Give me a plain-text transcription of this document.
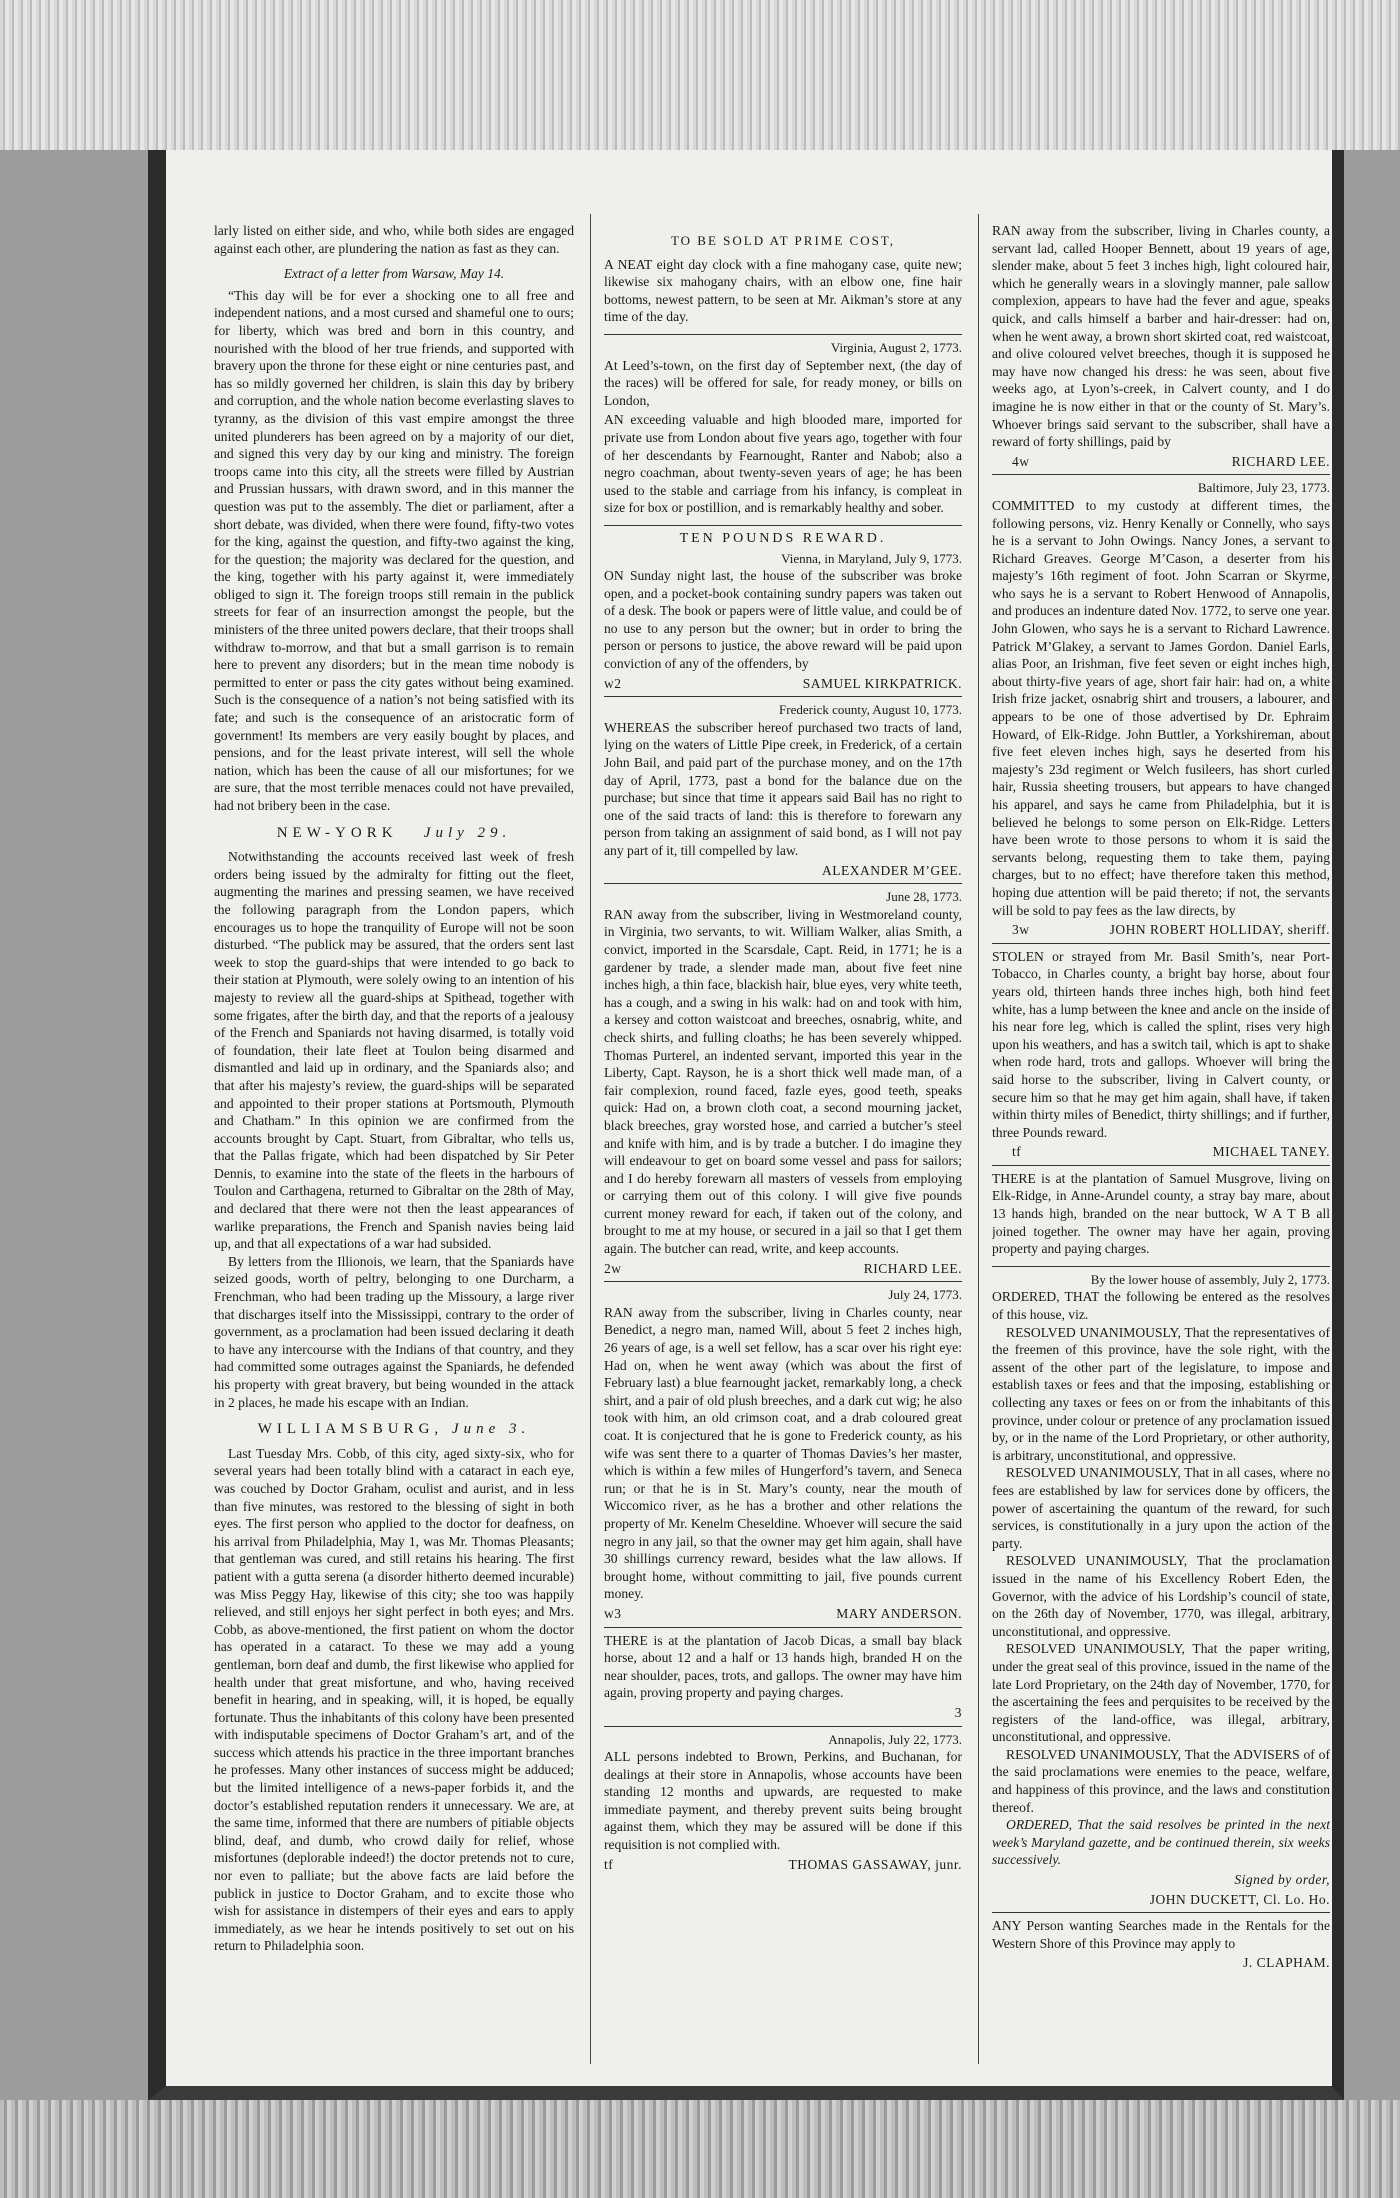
larly listed on either side, and who, while both sides are engaged against each other, are plundering the nation as fast as they can.

Extract of a letter from Warsaw, May 14.

“This day will be for ever a shocking one to all free and independent nations, and a most cursed and shameful one to ours; for liberty, which was bred and born in this country, and nourished with the blood of her true friends, and supported with bravery upon the throne for these eight or nine centuries past, and has so mildly governed her children, is slain this day by bribery and corruption, and the whole nation become everlasting slaves to tyranny, as the division of this vast empire amongst the three united plunderers has been agreed on by a majority of our diet, and signed this very day by our king and ministry. The foreign troops came into this city, all the streets were filled by Austrian and Prussian hussars, with drawn sword, and in this manner the question was put to the assembly. The diet or parliament, after a short debate, was divided, when there were found, fifty-two votes for the king, against the question, and fifty-two against the king, for the question; the majority was declared for the question, and the king, together with his party against it, were immediately obliged to sign it. The foreign troops still remain in the publick streets for fear of an insurrection amongst the people, but the ministers of the three united powers declare, that their troops shall withdraw to-morrow, and that but a small garrison is to remain here to prevent any disorders; but in the mean time nobody is permitted to enter or pass the city gates without being examined. Such is the consequence of a nation’s not being satisfied with its fate; and such is the consequence of an aristocratic form of government! Its members are very easily bought by places, and pensions, and for the least private interest, will sell the whole nation, which has been the cause of all our misfortunes; for we are sure, that the most terrible menaces could not have prevailed, had not bribery been in the case.

NEW-YORK July 29.

Notwithstanding the accounts received last week of fresh orders being issued by the admiralty for fitting out the fleet, augmenting the marines and pressing seamen, we have received the following paragraph from the London papers, which encourages us to hope the tranquility of Europe will not be soon disturbed. “The publick may be assured, that the orders sent last week to stop the guard-ships that were intended to go back to their station at Plymouth, were solely owing to an intention of his majesty to review all the guard-ships at Spithead, together with some frigates, after the birth day, and that the reports of a jealousy of the French and Spaniards not having disarmed, is totally void of foundation, their late fleet at Toulon being disarmed and dismantled and laid up in ordinary, and the Spaniards also; and that after his majesty’s review, the guard-ships will be separated and appointed to their proper stations at Portsmouth, Plymouth and Chatham.” In this opinion we are confirmed from the accounts brought by Capt. Stuart, from Gibraltar, who tells us, that the Pallas frigate, which had been dispatched by Sir Peter Dennis, to examine into the state of the fleets in the harbours of Toulon and Carthagena, returned to Gibraltar on the 28th of May, and declared that there were not then the least appearances of warlike preparations, the French and Spanish navies being laid up, and that all expectations of a war had subsided.

By letters from the Illionois, we learn, that the Spaniards have seized goods, worth of peltry, belonging to one Durcharm, a Frenchman, who had been trading up the Missoury, a large river that discharges itself into the Mississippi, contrary to the order of government, as a proclamation had been issued declaring it death to have any intercourse with the Indians of that country, and they had committed some outrages against the Spaniards, he defended his property with great bravery, but being wounded in the attack in 2 places, he made his escape with an Indian.

WILLIAMSBURG, June 3.

Last Tuesday Mrs. Cobb, of this city, aged sixty-six, who for several years had been totally blind with a cataract in each eye, was couched by Doctor Graham, oculist and aurist, and in less than five minutes, was restored to the blessing of sight in both eyes. The first person who applied to the doctor for deafness, on his arrival from Philadelphia, May 1, was Mr. Thomas Pleasants; that gentleman was cured, and still retains his hearing. The first patient with a gutta serena (a disorder hitherto deemed incurable) was Miss Peggy Hay, likewise of this city; she too was happily relieved, and still enjoys her sight perfect in both eyes; and Mrs. Cobb, as above-mentioned, the first patient on whom the doctor has operated in a cataract. To these we may add a young gentleman, born deaf and dumb, the first likewise who applied for health under that great misfortune, and who, having received benefit in hearing, and in speaking, will, it is hoped, be equally fortunate. Thus the inhabitants of this colony have been presented with indisputable specimens of Doctor Graham’s art, and of the success which attends his practice in the three important branches he professes. Many other instances of success might be adduced; but the limited intelligence of a news-paper forbids it, and the doctor’s established reputation renders it unnecessary. We are, at the same time, informed that there are numbers of pitiable objects blind, deaf, and dumb, who crowd daily for relief, whose misfortunes (deplorable indeed!) the doctor pretends not to cure, nor even to palliate; but the above facts are laid before the publick in justice to Doctor Graham, and to excite those who wish for assistance in distempers of their eyes and ears to apply immediately, as we hear he intends positively to set out on his return to Philadelphia soon.

TO BE SOLD AT PRIME COST,

A NEAT eight day clock with a fine mahogany case, quite new; likewise six mahogany chairs, with an elbow one, fine hair bottoms, newest pattern, to be seen at Mr. Aikman’s store at any time of the day.

Virginia, August 2, 1773.

At Leed’s-town, on the first day of September next, (the day of the races) will be offered for sale, for ready money, or bills on London,

AN exceeding valuable and high blooded mare, imported for private use from London about five years ago, together with four of her descendants by Fearnought, Ranter and Nabob; also a negro coachman, about twenty-seven years of age; he has been used to the stable and carriage from his infancy, is compleat in size for box or postillion, and is remarkably healthy and sober.

TEN POUNDS REWARD.
Vienna, in Maryland, July 9, 1773.

ON Sunday night last, the house of the subscriber was broke open, and a pocket-book containing sundry papers was taken out of a desk. The book or papers were of little value, and could be of no use to any person but the owner; but in order to bring the person or persons to justice, the above reward will be paid upon conviction of any of the offenders, by

w2	SAMUEL KIRKPATRICK.
Frederick county, August 10, 1773.

WHEREAS the subscriber hereof purchased two tracts of land, lying on the waters of Little Pipe creek, in Frederick, of a certain John Bail, and paid part of the purchase money, and on the 17th day of April, 1773, past a bond for the balance due on the purchase; but since that time it appears said Bail has no right to one of the said tracts of land: this is therefore to forewarn any person from taking an assignment of said bond, as I will not pay any part of it, till compelled by law.

ALEXANDER M’GEE.
June 28, 1773.

RAN away from the subscriber, living in Westmoreland county, in Virginia, two servants, to wit. William Walker, alias Smith, a convict, imported in the Scarsdale, Capt. Reid, in 1771; he is a gardener by trade, a slender made man, about five feet nine inches high, a thin face, blackish hair, blue eyes, very white teeth, has a cough, and a swing in his walk: had on and took with him, a kersey and cotton waistcoat and breeches, osnabrig, white, and check shirts, and fulling cloaths; he has been severely whipped. Thomas Purterel, an indented servant, imported this year in the Liberty, Capt. Rayson, he is a short thick well made man, of a fair complexion, round faced, fazle eyes, good teeth, speaks quick: Had on, a brown cloth coat, a second mourning jacket, black breeches, gray worsted hose, and carried a butcher’s steel and knife with him, and is by trade a butcher. I do imagine they will endeavour to get on board some vessel and pass for sailors; and I do hereby forewarn all masters of vessels from employing or carrying them out of this colony. I will give five pounds current money reward for each, if taken out of the colony, and brought to me at my house, or secured in a jail so that I get them again. The butcher can read, write, and keep accounts.

2w	RICHARD LEE.
July 24, 1773.

RAN away from the subscriber, living in Charles county, near Benedict, a negro man, named Will, about 5 feet 2 inches high, 26 years of age, is a well set fellow, has a scar over his right eye: Had on, when he went away (which was about the first of February last) a blue fearnought jacket, remarkably long, a check shirt, and a pair of old plush breeches, and a dark cut wig; he also took with him, an old crimson coat, and a drab coloured great coat. It is conjectured that he is gone to Frederick county, as his wife was sent there to a quarter of Thomas Davies’s her master, which is within a few miles of Hungerford’s tavern, and Seneca run; or that he is in St. Mary’s county, near the mouth of Wiccomico river, as he has a brother and other relations the property of Mr. Kenelm Cheseldine. Whoever will secure the said negro in any jail, so that the owner may get him again, shall have 30 shillings currency reward, besides what the law allows. If brought home, without committing to jail, five pounds current money.

w3	MARY ANDERSON.

THERE is at the plantation of Jacob Dicas, a small bay black horse, about 12 and a half or 13 hands high, branded H on the near shoulder, paces, trots, and gallops. The owner may have him again, proving property and paying charges.

3
Annapolis, July 22, 1773.

ALL persons indebted to Brown, Perkins, and Buchanan, for dealings at their store in Annapolis, whose accounts have been standing 12 months and upwards, are requested to make immediate payment, and thereby prevent suits being brought against them, which they may be assured will be done if this requisition is not complied with.

tf	THOMAS GASSAWAY, junr.

RAN away from the subscriber, living in Charles county, a servant lad, called Hooper Bennett, about 19 years of age, slender make, about 5 feet 3 inches high, light coloured hair, which he generally wears in a slovingly manner, pale sallow complexion, appears to have had the fever and ague, speaks quick, and calls himself a barber and hair-dresser: had on, when he went away, a brown short skirted coat, red waistcoat, and olive coloured velvet breeches, though it is supposed he may have now changed his dress: he was seen, about five weeks ago, at Lyon’s-creek, in Calvert county, and I do imagine he is now either in that or the county of St. Mary’s. Whoever brings said servant to the subscriber, shall have a reward of forty shillings, paid by

4w	RICHARD LEE.
Baltimore, July 23, 1773.

COMMITTED to my custody at different times, the following persons, viz. Henry Kenally or Connelly, who says he is a servant to John Owings. Nancy Jones, a servant to Richard Greaves. George M’Cason, a deserter from his majesty’s 16th regiment of foot. John Scarran or Skyrme, who says he is a servant to Robert Henwood of Annapolis, and produces an indenture dated Nov. 1772, to serve one year. John Glowen, who says he is a servant to Richard Lawrence. Patrick M’Glakey, a servant to James Gordon. Daniel Earls, alias Poor, an Irishman, five feet seven or eight inches high, about thirty-five years of age, short fair hair: had on, a white Irish frize jacket, osnabrig shirt and trousers, a labourer, and appears to be one of those advertised by Dr. Ephraim Howard, of Elk-Ridge. John Buttler, a Yorkshireman, about five feet eleven inches high, says he deserted from his majesty’s 23d regiment or Welch fusileers, has short curled hair, Russia sheeting trousers, but appears to have changed his apparel, and says he came from Philadelphia, but it is believed he belongs to some person on Elk-Ridge. Letters have been wrote to those persons to whom it is said the servants belong, requesting them to take them, paying charges, but to no effect; have therefore taken this method, hoping due attention will be paid thereto; if not, the servants will be sold to pay fees as the law directs, by

3w	JOHN ROBERT HOLLIDAY, sheriff.

STOLEN or strayed from Mr. Basil Smith’s, near Port-Tobacco, in Charles county, a bright bay horse, about four years old, thirteen hands three inches high, both hind feet white, has a lump between the knee and ancle on the inside of his near fore leg, which is called the splint, rises very high upon his weathers, and has a switch tail, which is apt to shake when rode hard, trots and gallops. Whoever will bring the said horse to the subscriber, living in Calvert county, or secure him so that he may get him again, shall have, if taken within thirty miles of Benedict, thirty shillings; and if further, three Pounds reward.

tf	MICHAEL TANEY.

THERE is at the plantation of Samuel Musgrove, living on Elk-Ridge, in Anne-Arundel county, a stray bay mare, about 13 hands high, branded on the near buttock, W A T B all joined together. The owner may have her again, proving property and paying charges.

By the lower house of assembly, July 2, 1773.

ORDERED, THAT the following be entered as the resolves of this house, viz.

RESOLVED UNANIMOUSLY, That the representatives of the freemen of this province, have the sole right, with the assent of the other part of the legislature, to impose and establish taxes or fees and that the imposing, establishing or collecting any taxes or fees on or from the inhabitants of this province, under colour or pretence of any proclamation issued by, or in the name of the Lord Proprietary, or other authority, is arbitrary, unconstitutional, and oppressive.

RESOLVED UNANIMOUSLY, That in all cases, where no fees are established by law for services done by officers, the power of ascertaining the quantum of the reward, for such services, is constitutionally in a jury upon the action of the party.

RESOLVED UNANIMOUSLY, That the proclamation issued in the name of his Excellency Robert Eden, the Governor, with the advice of his Lordship’s council of state, on the 26th day of November, 1770, was illegal, arbitrary, unconstitutional, and oppressive.

RESOLVED UNANIMOUSLY, That the paper writing, under the great seal of this province, issued in the name of the late Lord Proprietary, on the 24th day of November, 1770, for the ascertaining the fees and perquisites to be received by the registers of the land-office, was illegal, arbitrary, unconstitutional, and oppressive.

RESOLVED UNANIMOUSLY, That the ADVISERS of of the said proclamations were enemies to the peace, welfare, and happiness of this province, and the laws and constitution thereof.

ORDERED, That the said resolves be printed in the next week’s Maryland gazette, and be continued therein, six weeks successively.

Signed by order,
JOHN DUCKETT, Cl. Lo. Ho.

ANY Person wanting Searches made in the Rentals for the Western Shore of this Province may apply to

J. CLAPHAM.
